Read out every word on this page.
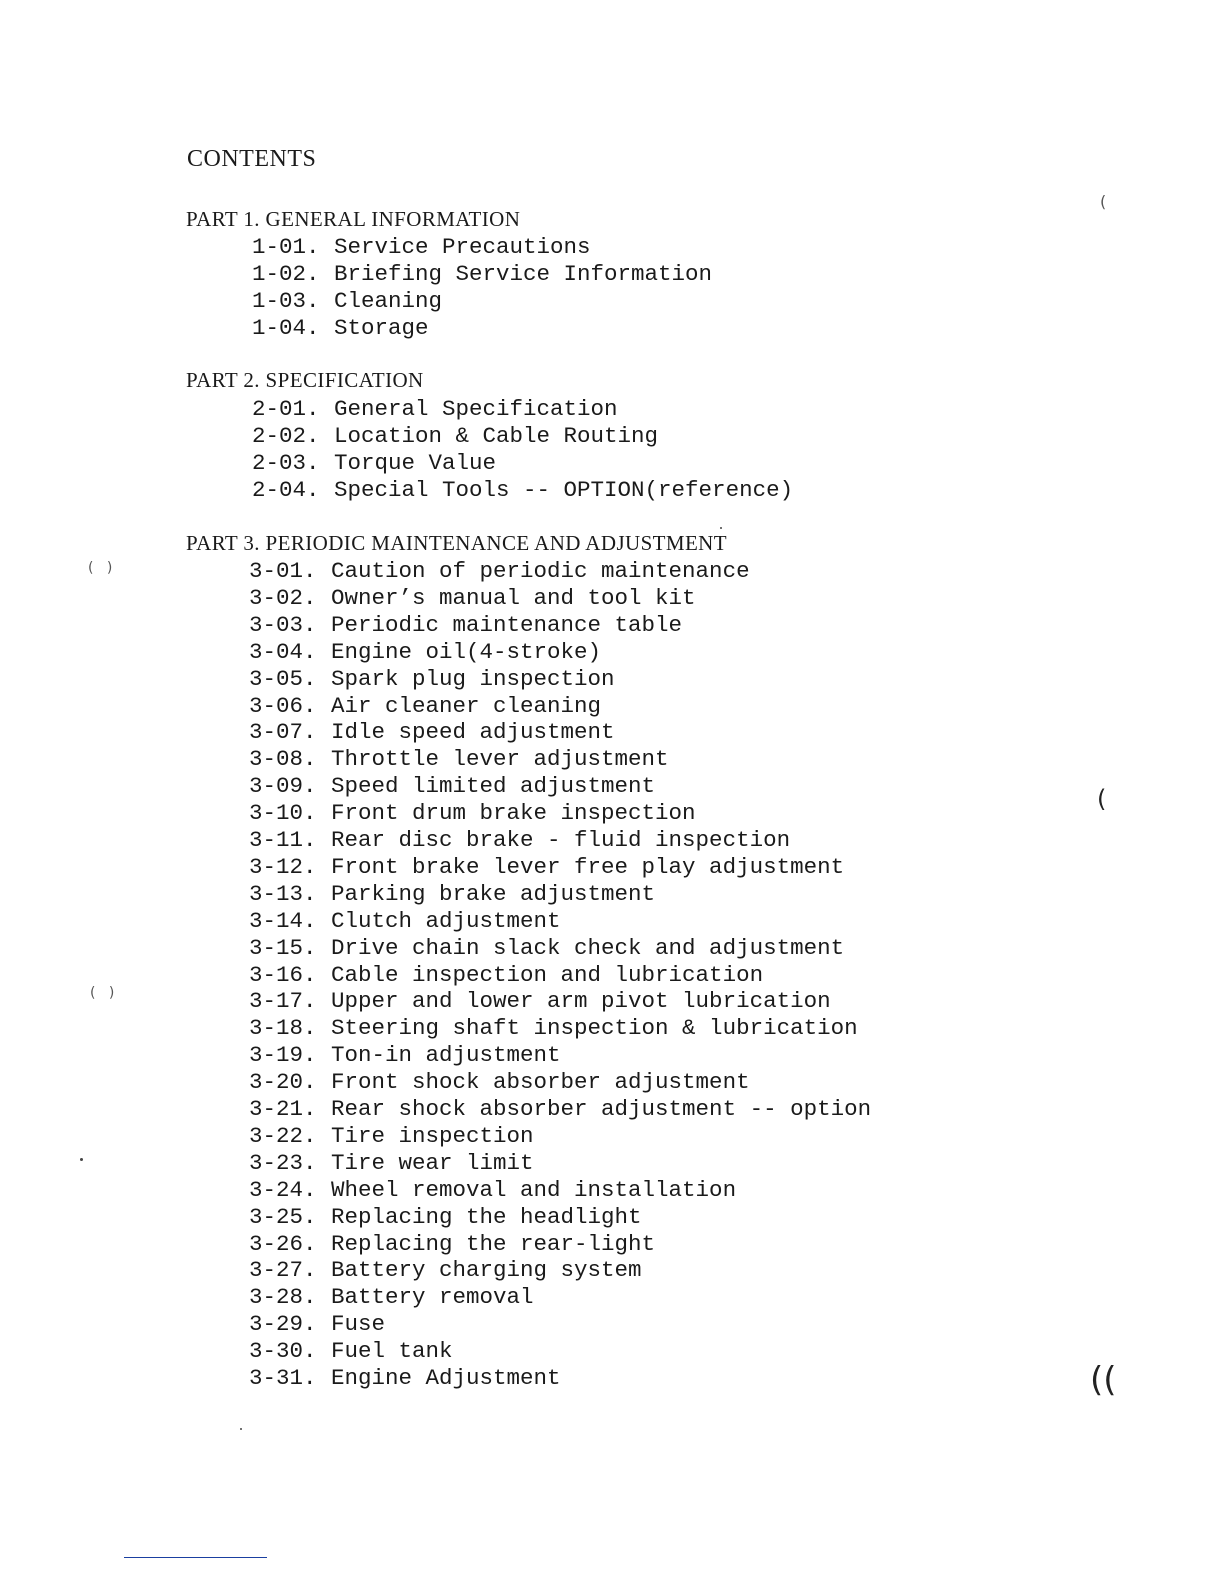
CONTENTS
PART 1. GENERAL INFORMATION
1-01. Service Precautions
1-02. Briefing Service Information
1-03. Cleaning
1-04. Storage
PART 2. SPECIFICATION
2-01. General Specification
2-02. Location & Cable Routing
2-03. Torque Value
2-04. Special Tools -- OPTION(reference)
PART 3. PERIODIC MAINTENANCE AND ADJUSTMENT
3-01. Caution of periodic maintenance
3-02. Owner’s manual and tool kit
3-03. Periodic maintenance table
3-04. Engine oil(4-stroke)
3-05. Spark plug inspection
3-06. Air cleaner cleaning
3-07. Idle speed adjustment
3-08. Throttle lever adjustment
3-09. Speed limited adjustment
3-10. Front drum brake inspection
3-11. Rear disc brake - fluid inspection
3-12. Front brake lever free play adjustment
3-13. Parking brake adjustment
3-14. Clutch adjustment
3-15. Drive chain slack check and adjustment
3-16. Cable inspection and lubrication
3-17. Upper and lower arm pivot lubrication
3-18. Steering shaft inspection & lubrication
3-19. Ton-in adjustment
3-20. Front shock absorber adjustment
3-21. Rear shock absorber adjustment -- option
3-22. Tire inspection
3-23. Tire wear limit
3-24. Wheel removal and installation
3-25. Replacing the headlight
3-26. Replacing the rear-light
3-27. Battery charging system
3-28. Battery removal
3-29. Fuse
3-30. Fuel tank
3-31. Engine Adjustment
(   )
(   )
(
((
(
